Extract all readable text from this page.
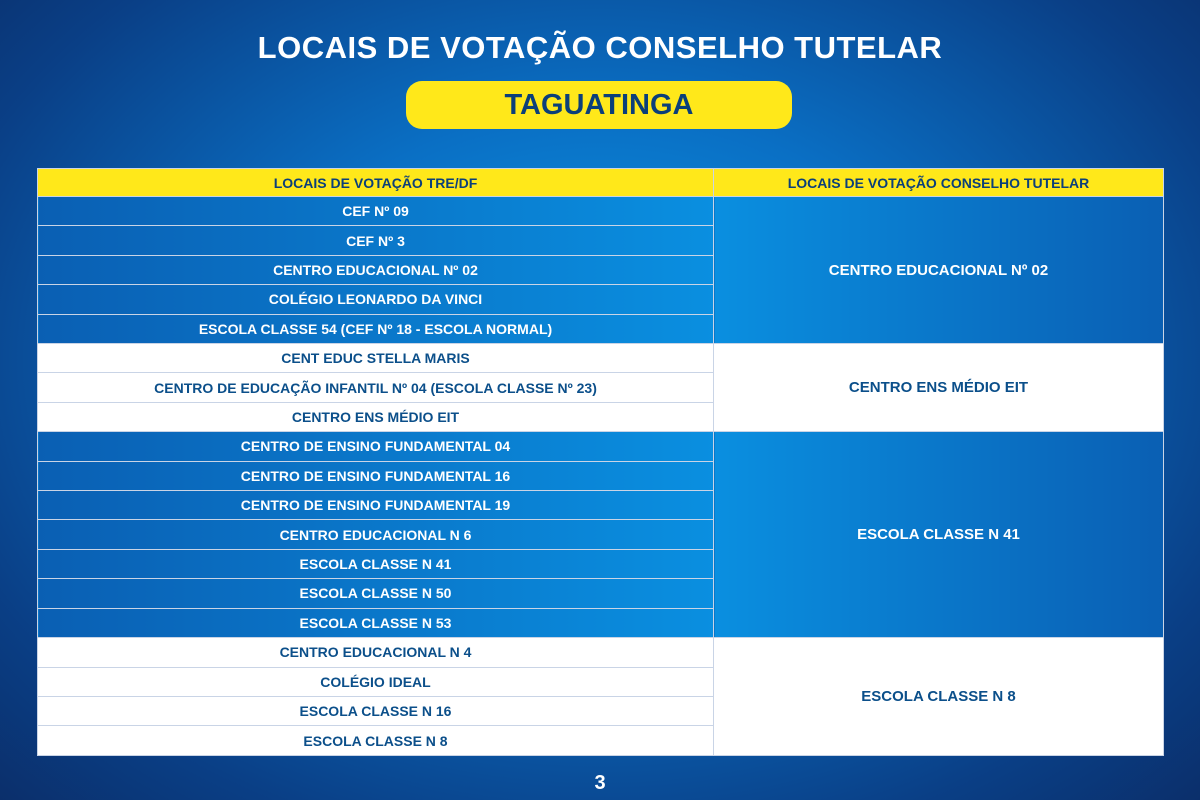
LOCAIS DE VOTAÇÃO CONSELHO TUTELAR
TAGUATINGA
LOCAIS DE VOTAÇÃO TRE/DF	LOCAIS DE VOTAÇÃO CONSELHO TUTELAR
CEF Nº 09	CENTRO EDUCACIONAL Nº 02
CEF Nº 3	
CENTRO EDUCACIONAL Nº 02	
COLÉGIO LEONARDO DA VINCI	
ESCOLA CLASSE 54 (CEF Nº 18 - ESCOLA NORMAL)	
CENT EDUC STELLA MARIS	CENTRO ENS MÉDIO EIT
CENTRO DE EDUCAÇÃO INFANTIL Nº 04 (ESCOLA CLASSE Nº 23)	
CENTRO ENS MÉDIO EIT	
CENTRO DE ENSINO FUNDAMENTAL 04	ESCOLA CLASSE N 41
CENTRO DE ENSINO FUNDAMENTAL 16	
CENTRO DE ENSINO FUNDAMENTAL 19	
CENTRO EDUCACIONAL N 6	
ESCOLA CLASSE N 41	
ESCOLA CLASSE N 50	
ESCOLA CLASSE N 53	
CENTRO EDUCACIONAL N 4	ESCOLA CLASSE N 8
COLÉGIO IDEAL	
ESCOLA CLASSE N 16	
ESCOLA CLASSE N 8	
3
